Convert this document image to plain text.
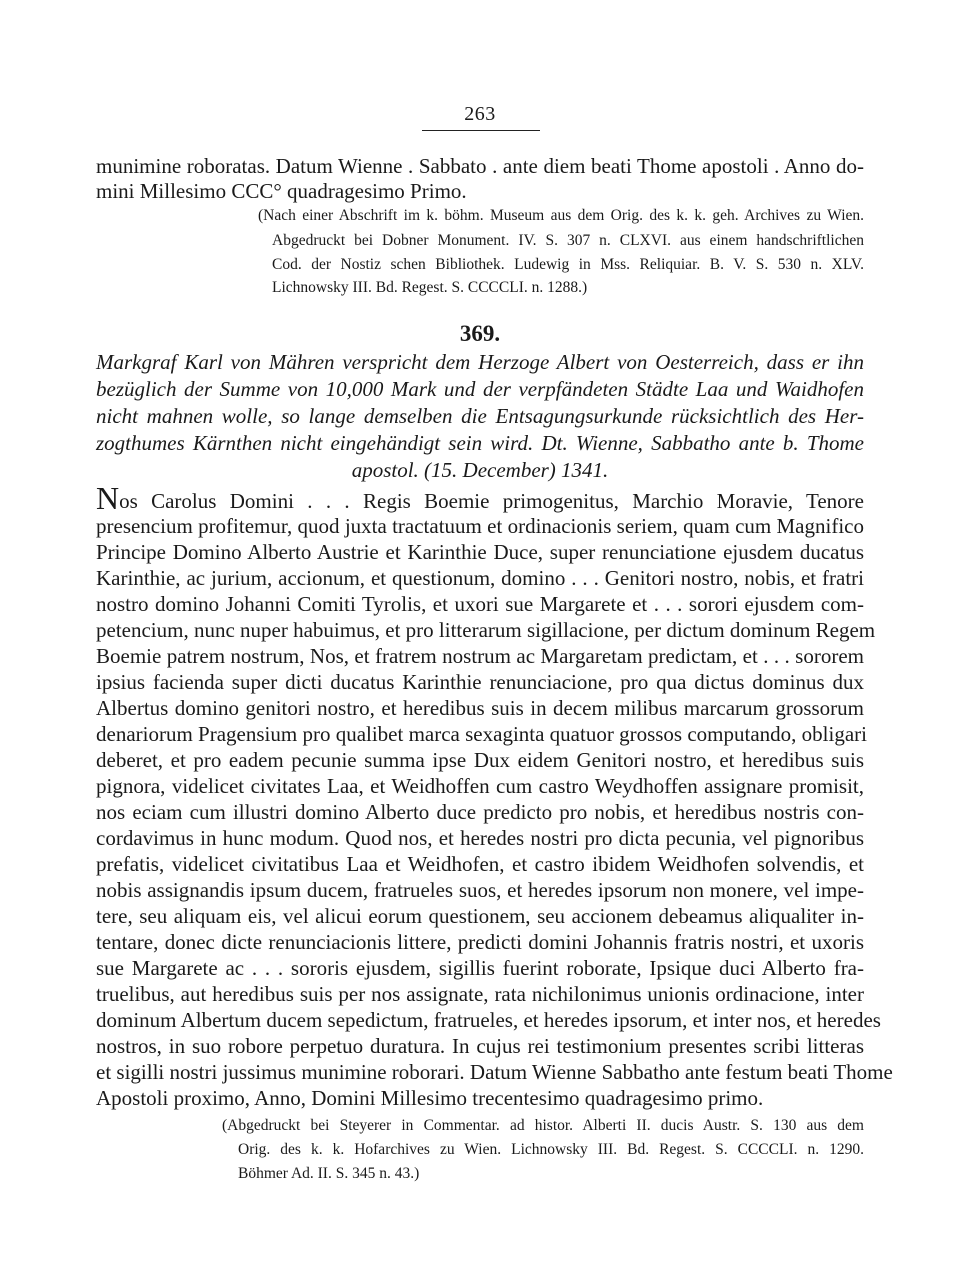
263
munimine roboratas. Datum Wienne . Sabbato . ante diem beati Thome apostoli . Anno do-
mini Millesimo CCC° quadragesimo Primo.
(Nach einer Abschrift im k. böhm. Museum aus dem Orig. des k. k. geh. Archives zu Wien.
Abgedruckt bei Dobner Monument. IV. S. 307 n. CLXVI. aus einem handschriftlichen
Cod. der Nostiz schen Bibliothek. Ludewig in Mss. Reliquiar. B. V. S. 530 n. XLV.
Lichnowsky III. Bd. Regest. S. CCCCLI. n. 1288.)
369.
Markgraf Karl von Mähren verspricht dem Herzoge Albert von Oesterreich, dass er ihn
bezüglich der Summe von 10,000 Mark und der verpfändeten Städte Laa und Waidhofen
nicht mahnen wolle, so lange demselben die Entsagungsurkunde rücksichtlich des Her-
zogthumes Kärnthen nicht eingehändigt sein wird. Dt. Wienne, Sabbatho ante b. Thome
apostol. (15. December) 1341.
N os Carolus Domini . . . Regis Boemie primogenitus, Marchio Moravie, Tenore
presencium profitemur, quod juxta tractatuum et ordinacionis seriem, quam cum Magnifico
Principe Domino Alberto Austrie et Karinthie Duce, super renunciatione ejusdem ducatus
Karinthie, ac jurium, accionum, et questionum, domino . . . Genitori nostro, nobis, et fratri
nostro domino Johanni Comiti Tyrolis, et uxori sue Margarete et . . . sorori ejusdem com-
petencium, nunc nuper habuimus, et pro litterarum sigillacione, per dictum dominum Regem
Boemie patrem nostrum, Nos, et fratrem nostrum ac Margaretam predictam, et . . . sororem
ipsius facienda super dicti ducatus Karinthie renunciacione, pro qua dictus dominus dux
Albertus domino genitori nostro, et heredibus suis in decem milibus marcarum grossorum
denariorum Pragensium pro qualibet marca sexaginta quatuor grossos computando, obligari
deberet, et pro eadem pecunie summa ipse Dux eidem Genitori nostro, et heredibus suis
pignora, videlicet civitates Laa, et Weidhoffen cum castro Weydhoffen assignare promisit,
nos eciam cum illustri domino Alberto duce predicto pro nobis, et heredibus nostris con-
cordavimus in hunc modum. Quod nos, et heredes nostri pro dicta pecunia, vel pignoribus
prefatis, videlicet civitatibus Laa et Weidhofen, et castro ibidem Weidhofen solvendis, et
nobis assignandis ipsum ducem, fratrueles suos, et heredes ipsorum non monere, vel impe-
tere, seu aliquam eis, vel alicui eorum questionem, seu accionem debeamus aliqualiter in-
tentare, donec dicte renunciacionis littere, predicti domini Johannis fratris nostri, et uxoris
sue Margarete ac . . . sororis ejusdem, sigillis fuerint roborate, Ipsique duci Alberto fra-
truelibus, aut heredibus suis per nos assignate, rata nichilonimus unionis ordinacione, inter
dominum Albertum ducem sepedictum, fratrueles, et heredes ipsorum, et inter nos, et heredes
nostros, in suo robore perpetuo duratura. In cujus rei testimonium presentes scribi litteras
et sigilli nostri jussimus munimine roborari. Datum Wienne Sabbatho ante festum beati Thome
Apostoli proximo, Anno, Domini Millesimo trecentesimo quadragesimo primo.
(Abgedruckt bei Steyerer in Commentar. ad histor. Alberti II. ducis Austr. S. 130 aus dem
Orig. des k. k. Hofarchives zu Wien. Lichnowsky III. Bd. Regest. S. CCCCLI. n. 1290.
Böhmer Ad. II. S. 345 n. 43.)
